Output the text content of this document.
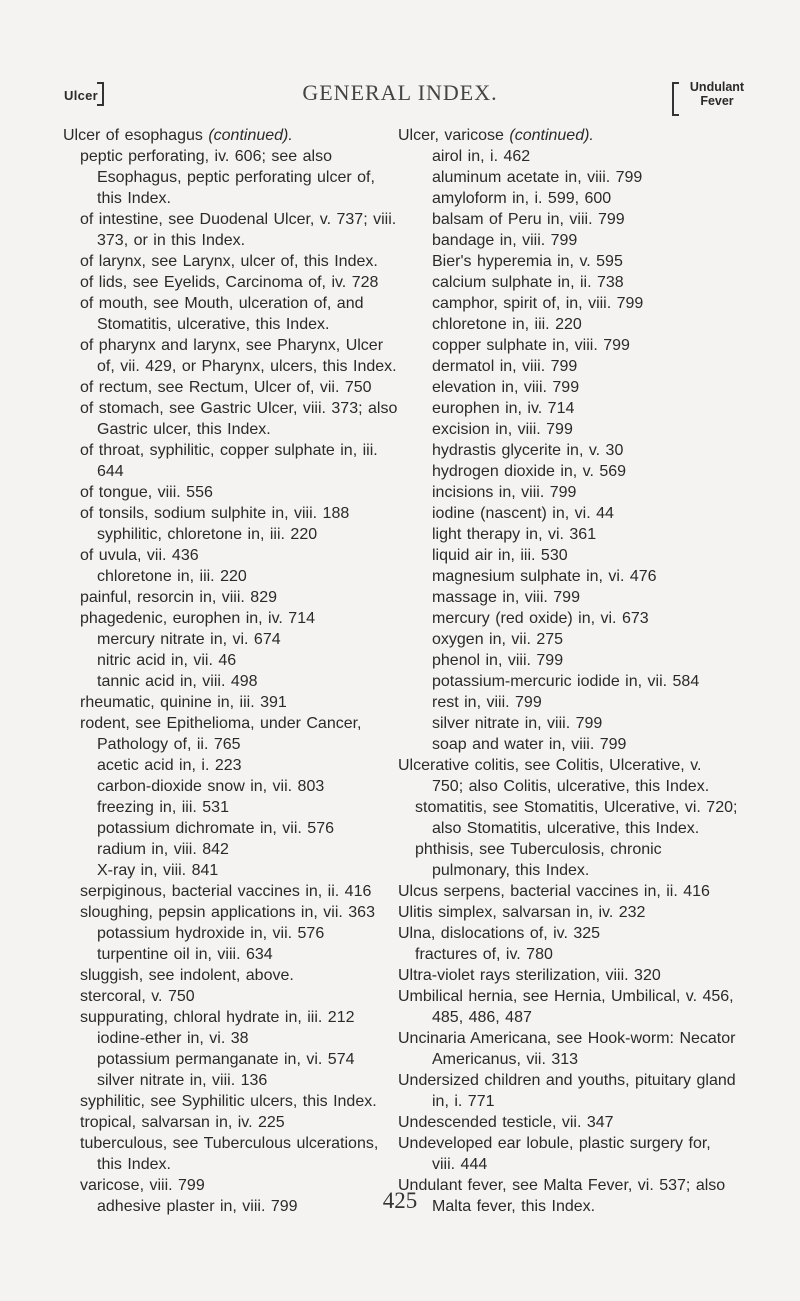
Ulcer	GENERAL INDEX.	Undulant Fever

Ulcer of esophagus (continued).

peptic perforating, iv. 606; see also Esophagus, peptic perforating ulcer of, this Index.

of intestine, see Duodenal Ulcer, v. 737; viii. 373, or in this Index.

of larynx, see Larynx, ulcer of, this Index.

of lids, see Eyelids, Carcinoma of, iv. 728

of mouth, see Mouth, ulceration of, and Stomatitis, ulcerative, this Index.

of pharynx and larynx, see Pharynx, Ulcer of, vii. 429, or Pharynx, ulcers, this Index.

of rectum, see Rectum, Ulcer of, vii. 750

of stomach, see Gastric Ulcer, viii. 373; also Gastric ulcer, this Index.

of throat, syphilitic, copper sulphate in, iii. 644

of tongue, viii. 556

of tonsils, sodium sulphite in, viii. 188

syphilitic, chloretone in, iii. 220

of uvula, vii. 436

chloretone in, iii. 220

painful, resorcin in, viii. 829

phagedenic, europhen in, iv. 714

mercury nitrate in, vi. 674

nitric acid in, vii. 46

tannic acid in, viii. 498

rheumatic, quinine in, iii. 391

rodent, see Epithelioma, under Cancer, Pathology of, ii. 765

acetic acid in, i. 223

carbon-dioxide snow in, vii. 803

freezing in, iii. 531

potassium dichromate in, vii. 576

radium in, viii. 842

X-ray in, viii. 841

serpiginous, bacterial vaccines in, ii. 416

sloughing, pepsin applications in, vii. 363

potassium hydroxide in, vii. 576

turpentine oil in, viii. 634

sluggish, see indolent, above.

stercoral, v. 750

suppurating, chloral hydrate in, iii. 212

iodine-ether in, vi. 38

potassium permanganate in, vi. 574

silver nitrate in, viii. 136

syphilitic, see Syphilitic ulcers, this Index.

tropical, salvarsan in, iv. 225

tuberculous, see Tuberculous ulcerations, this Index.

varicose, viii. 799

adhesive plaster in, viii. 799

Ulcer, varicose (continued).

airol in, i. 462

aluminum acetate in, viii. 799

amyloform in, i. 599, 600

balsam of Peru in, viii. 799

bandage in, viii. 799

Bier's hyperemia in, v. 595

calcium sulphate in, ii. 738

camphor, spirit of, in, viii. 799

chloretone in, iii. 220

copper sulphate in, viii. 799

dermatol in, viii. 799

elevation in, viii. 799

europhen in, iv. 714

excision in, viii. 799

hydrastis glycerite in, v. 30

hydrogen dioxide in, v. 569

incisions in, viii. 799

iodine (nascent) in, vi. 44

light therapy in, vi. 361

liquid air in, iii. 530

magnesium sulphate in, vi. 476

massage in, viii. 799

mercury (red oxide) in, vi. 673

oxygen in, vii. 275

phenol in, viii. 799

potassium-mercuric iodide in, vii. 584

rest in, viii. 799

silver nitrate in, viii. 799

soap and water in, viii. 799

Ulcerative colitis, see Colitis, Ulcerative, v. 750; also Colitis, ulcerative, this Index.

stomatitis, see Stomatitis, Ulcerative, vi. 720; also Stomatitis, ulcerative, this Index.

phthisis, see Tuberculosis, chronic pulmonary, this Index.

Ulcus serpens, bacterial vaccines in, ii. 416

Ulitis simplex, salvarsan in, iv. 232

Ulna, dislocations of, iv. 325

fractures of, iv. 780

Ultra-violet rays sterilization, viii. 320

Umbilical hernia, see Hernia, Umbilical, v. 456, 485, 486, 487

Uncinaria Americana, see Hook-worm: Necator Americanus, vii. 313

Undersized children and youths, pituitary gland in, i. 771

Undescended testicle, vii. 347

Undeveloped ear lobule, plastic surgery for, viii. 444

Undulant fever, see Malta Fever, vi. 537; also Malta fever, this Index.

425
